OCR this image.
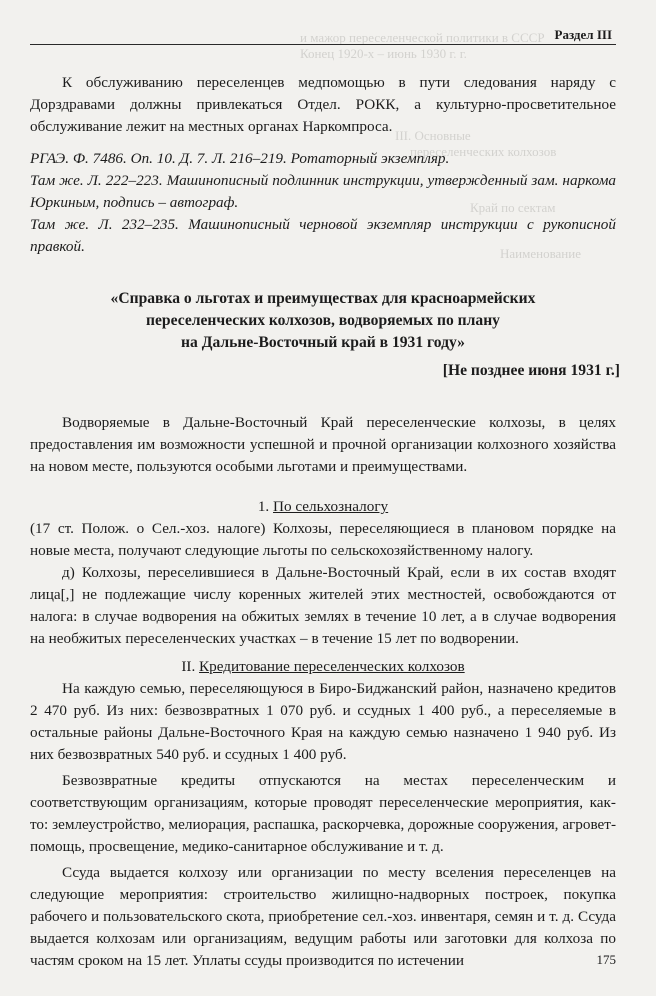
и мажор переселенческой политики в СССР
Конец 1920-х – июнь 1930 г. г.
III. Основные
переселенческих колхозов
Край по сектам
Наименование
Раздел III

К обслуживанию переселенцев медпомощью в пути следования наряду с Дорздравами должны привлекаться Отдел. РОКК, а культурно-просветительное обслуживание лежит на местных органах Наркомпроса.

РГАЭ. Ф. 7486. Оп. 10. Д. 7. Л. 216–219. Ротаторный экземпляр.

Там же. Л. 222–223. Машинописный подлинник инструкции, утвержденный зам. наркома Юркиным, подпись – автограф.

Там же. Л. 232–235. Машинописный черновой экземпляр инструкции с рукописной правкой.

«Справка о льготах и преимуществах для красноармейских
переселенческих колхозов, водворяемых по плану
на Дальне-Восточный край в 1931 году»
[Не позднее июня 1931 г.]

Водворяемые в Дальне-Восточный Край переселенческие колхозы, в целях предоставления им возможности успешной и прочной организации колхозного хозяйства на новом месте, пользуются особыми льготами и преимуществами.

1. По сельхозналогу

(17 ст. Полож. о Сел.-хоз. налоге) Колхозы, переселяющиеся в плановом порядке на новые места, получают следующие льготы по сельскохозяйственному налогу.

д) Колхозы, переселившиеся в Дальне-Восточный Край, если в их состав входят лица[,] не подлежащие числу коренных жителей этих местностей, освобождаются от налога: в случае водворения на обжитых землях в течение 10 лет, а в случае водворения на необжитых переселенческих участках – в течение 15 лет по водворении.

II. Кредитование переселенческих колхозов

На каждую семью, переселяющуюся в Биро-Биджанский район, назначено кредитов 2 470 руб. Из них: безвозвратных 1 070 руб. и ссудных 1 400 руб., а переселяемые в остальные районы Дальне-Восточного Края на каждую семью назначено 1 940 руб. Из них безвозвратных 540 руб. и ссудных 1 400 руб.

Безвозвратные кредиты отпускаются на местах переселенческим и соответствующим организациям, которые проводят переселенческие мероприятия, как-то: землеустройство, мелиорация, распашка, раскорчевка, дорожные сооружения, агроветпомощь, просвещение, медико-санитарное обслуживание и т. д.

Ссуда выдается колхозу или организации по месту вселения переселенцев на следующие мероприятия: строительство жилищно-надворных построек, покупка рабочего и пользовательского скота, приобретение сел.-хоз. инвентаря, семян и т. д. Ссуда выдается колхозам или организациям, ведущим работы или заготовки для колхоза по частям сроком на 15 лет. Уплаты ссуды производится по истечении	175
